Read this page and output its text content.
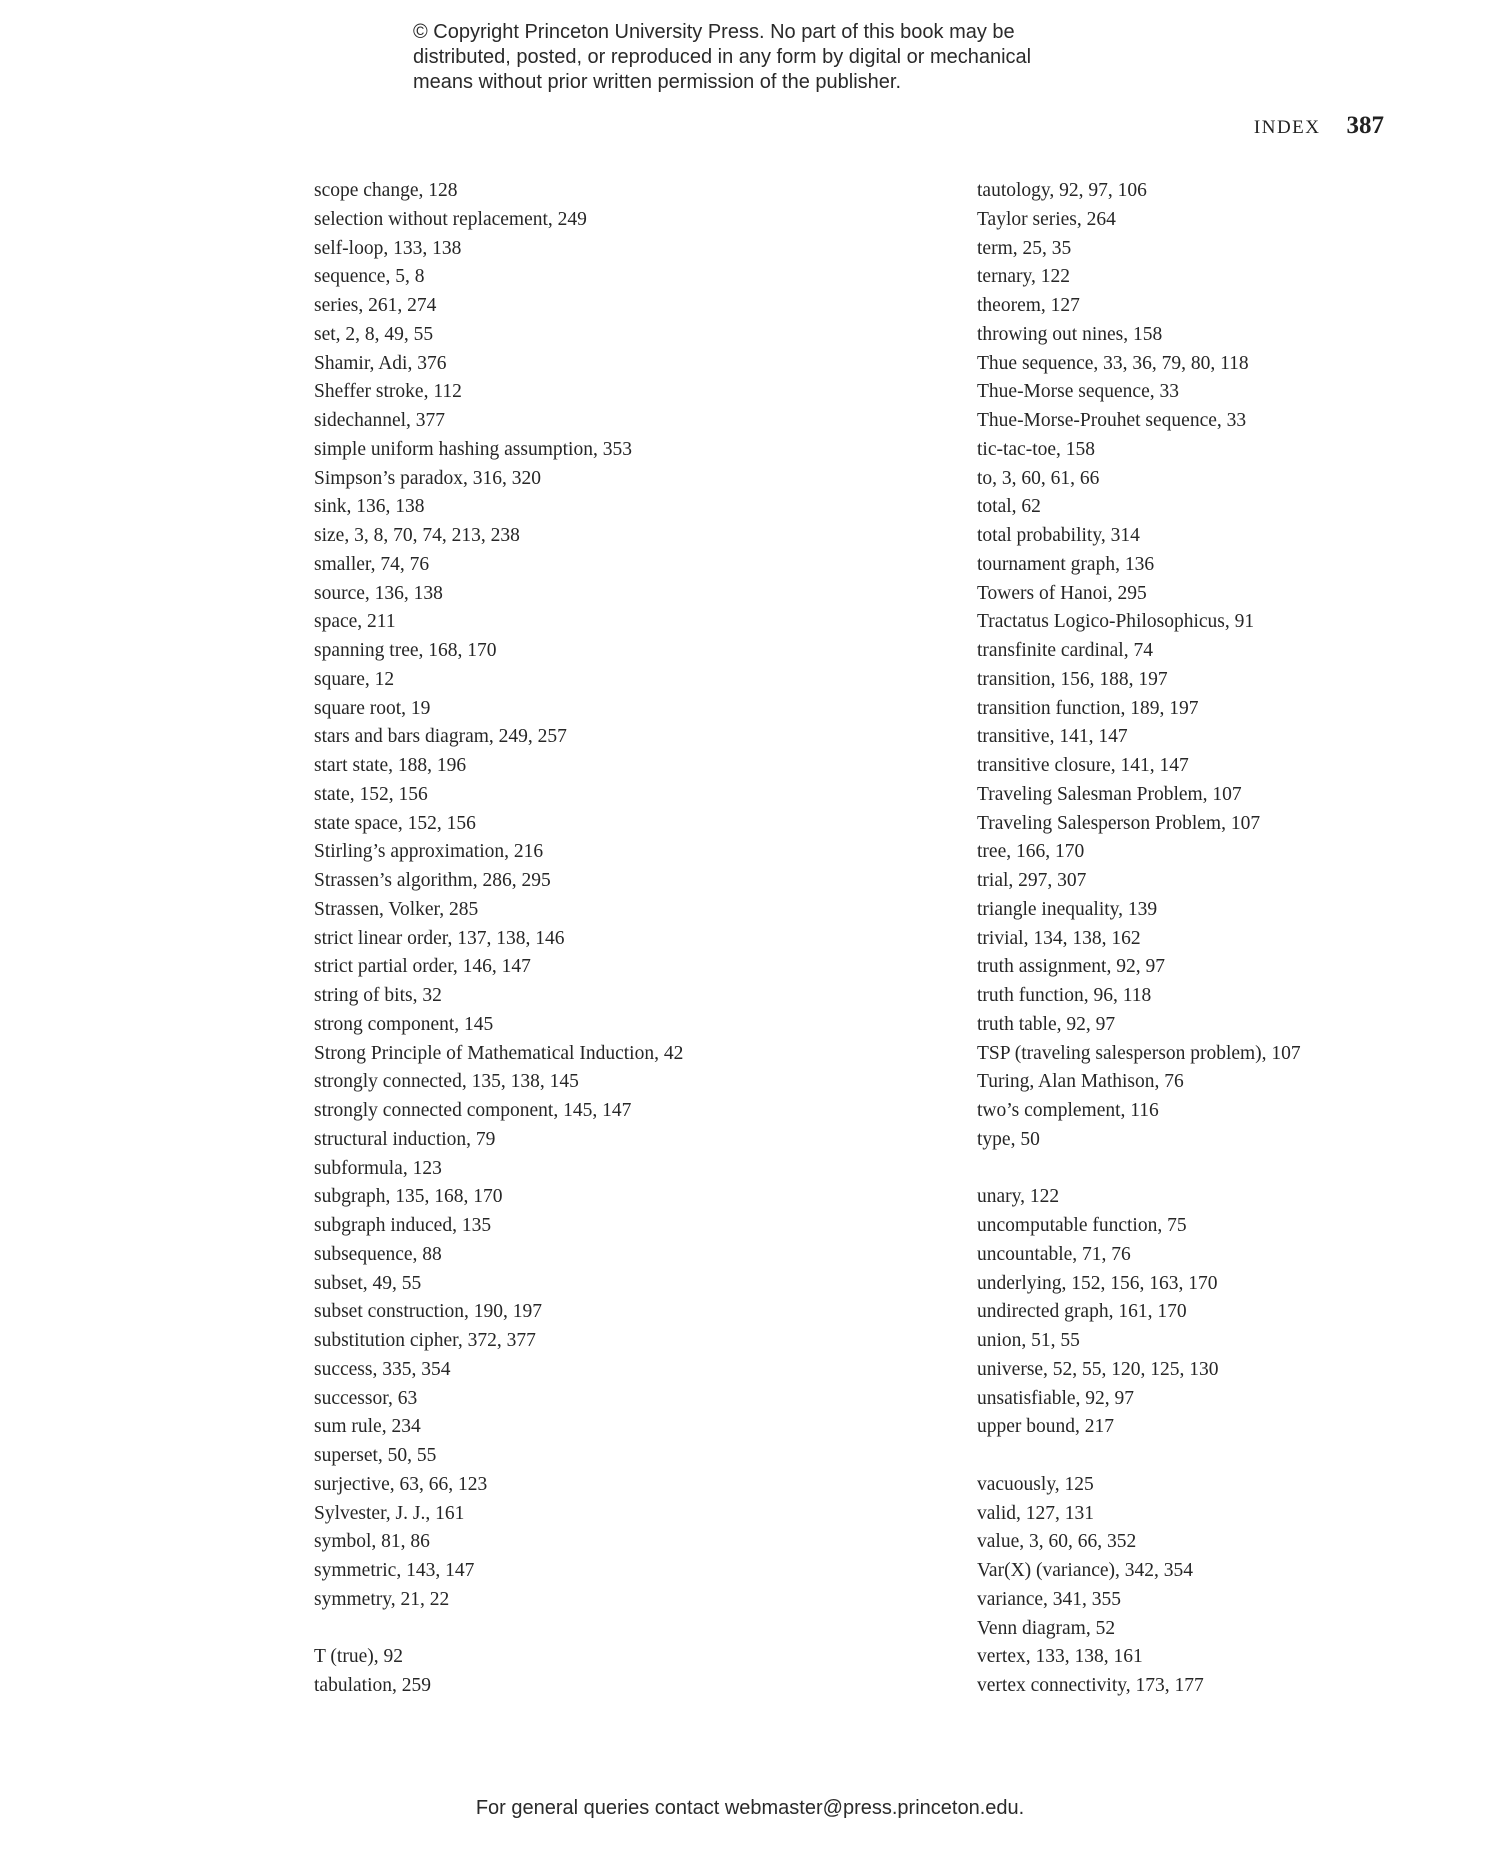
© Copyright Princeton University Press. No part of this book may be
distributed, posted, or reproduced in any form by digital or mechanical
means without prior written permission of the publisher.
INDEX 387
scope change, 128
selection without replacement, 249
self-loop, 133, 138
sequence, 5, 8
series, 261, 274
set, 2, 8, 49, 55
Shamir, Adi, 376
Sheffer stroke, 112
sidechannel, 377
simple uniform hashing assumption, 353
Simpson’s paradox, 316, 320
sink, 136, 138
size, 3, 8, 70, 74, 213, 238
smaller, 74, 76
source, 136, 138
space, 211
spanning tree, 168, 170
square, 12
square root, 19
stars and bars diagram, 249, 257
start state, 188, 196
state, 152, 156
state space, 152, 156
Stirling’s approximation, 216
Strassen’s algorithm, 286, 295
Strassen, Volker, 285
strict linear order, 137, 138, 146
strict partial order, 146, 147
string of bits, 32
strong component, 145
Strong Principle of Mathematical Induction, 42
strongly connected, 135, 138, 145
strongly connected component, 145, 147
structural induction, 79
subformula, 123
subgraph, 135, 168, 170
subgraph induced, 135
subsequence, 88
subset, 49, 55
subset construction, 190, 197
substitution cipher, 372, 377
success, 335, 354
successor, 63
sum rule, 234
superset, 50, 55
surjective, 63, 66, 123
Sylvester, J. J., 161
symbol, 81, 86
symmetric, 143, 147
symmetry, 21, 22
T (true), 92
tabulation, 259
tautology, 92, 97, 106
Taylor series, 264
term, 25, 35
ternary, 122
theorem, 127
throwing out nines, 158
Thue sequence, 33, 36, 79, 80, 118
Thue-Morse sequence, 33
Thue-Morse-Prouhet sequence, 33
tic-tac-toe, 158
to, 3, 60, 61, 66
total, 62
total probability, 314
tournament graph, 136
Towers of Hanoi, 295
Tractatus Logico-Philosophicus, 91
transfinite cardinal, 74
transition, 156, 188, 197
transition function, 189, 197
transitive, 141, 147
transitive closure, 141, 147
Traveling Salesman Problem, 107
Traveling Salesperson Problem, 107
tree, 166, 170
trial, 297, 307
triangle inequality, 139
trivial, 134, 138, 162
truth assignment, 92, 97
truth function, 96, 118
truth table, 92, 97
TSP (traveling salesperson problem), 107
Turing, Alan Mathison, 76
two’s complement, 116
type, 50
unary, 122
uncomputable function, 75
uncountable, 71, 76
underlying, 152, 156, 163, 170
undirected graph, 161, 170
union, 51, 55
universe, 52, 55, 120, 125, 130
unsatisfiable, 92, 97
upper bound, 217
vacuously, 125
valid, 127, 131
value, 3, 60, 66, 352
Var(X) (variance), 342, 354
variance, 341, 355
Venn diagram, 52
vertex, 133, 138, 161
vertex connectivity, 173, 177
For general queries contact webmaster@press.princeton.edu.
